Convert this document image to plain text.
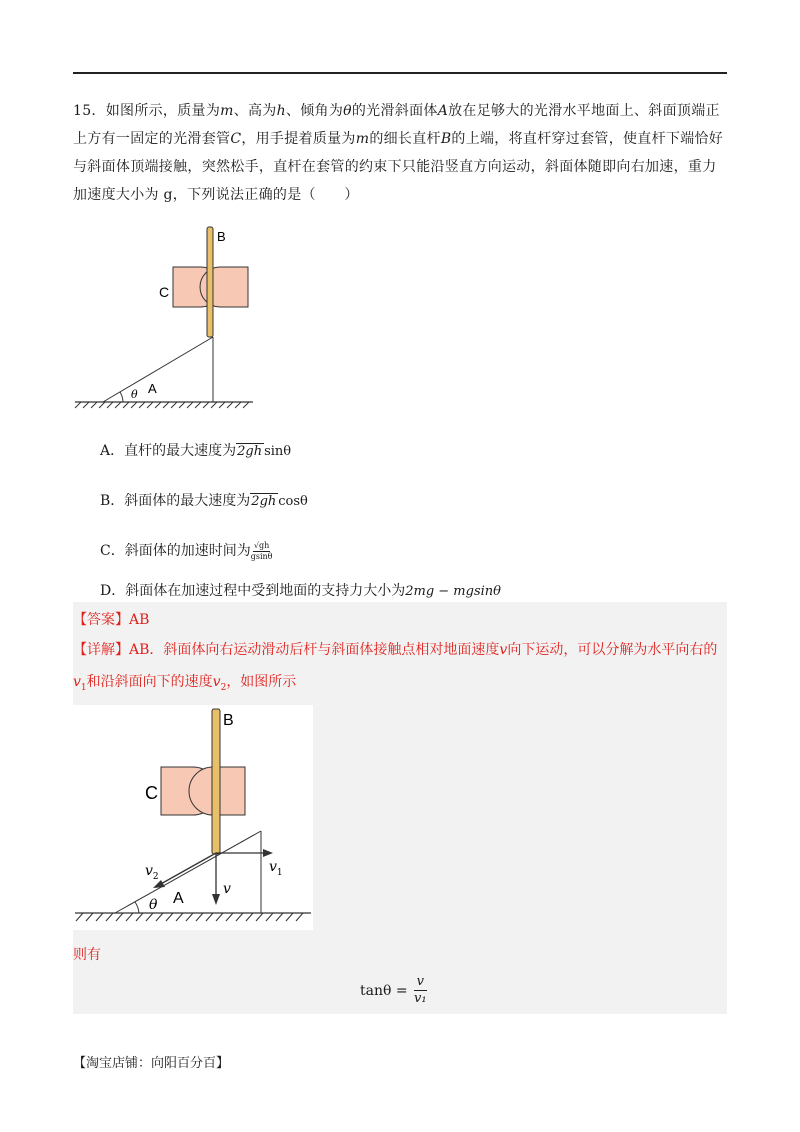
15．如图所示，质量为m、高为h、倾角为θ的光滑斜面体A放在足够大的光滑水平地面上、斜面顶端正上方有一固定的光滑套管C，用手提着质量为m的细长直杆B的上端，将直杆穿过套管，使直杆下端恰好与斜面体顶端接触，突然松手，直杆在套管的约束下只能沿竖直方向运动，斜面体随即向右加速，重力加速度大小为 g，下列说法正确的是（　　）
B
C
θ A
A．直杆的最大速度为2gh sinθ
B．斜面体的最大速度为2gh cosθ
C．斜面体的加速时间为 $\frac{√gh}{gsin\theta}$
D．斜面体在加速过程中受到地面的支持力大小为2mg − mgsinθ
【答案】AB
【详解】AB．斜面体向右运动滑动后杆与斜面体接触点相对地面速度v向下运动，可以分解为水平向右的
$v_1$和沿斜面向下的速度$v_2$，如图所示
B
C
θ A
v
$v_1$
$v_2$
则有
$\tan\theta = \frac{v}{\text{v₁}}$
【淘宝店铺：向阳百分百】
